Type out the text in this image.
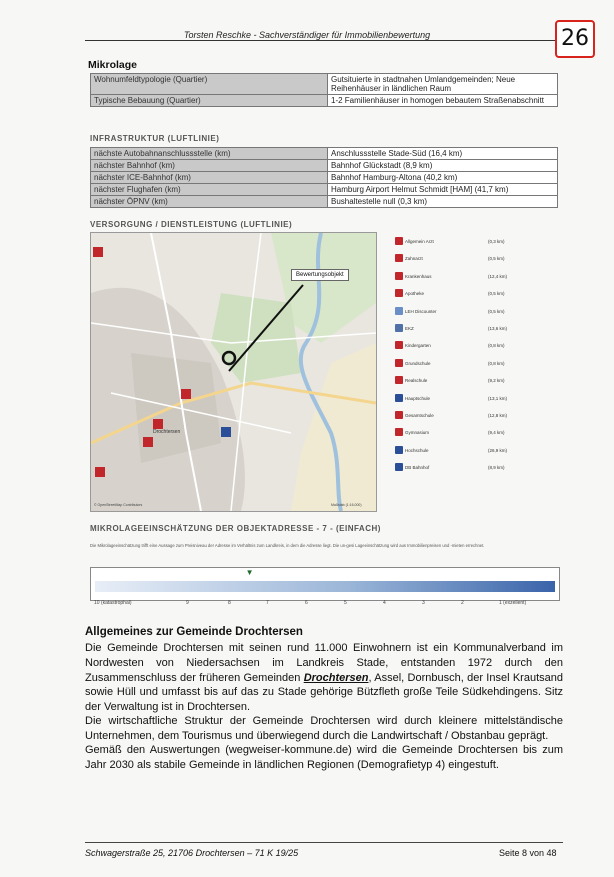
Torsten Reschke - Sachverständiger für Immobilienbewertung	26
Mikrolage
Wohnumfeldtypologie (Quartier)	Gutsituierte in stadtnahen Umlandgemeinden; Neue Reihenhäuser in ländlichen Raum
Typische Bebauung (Quartier)	1-2 Familienhäuser in homogen bebautem Straßenabschnitt
INFRASTRUKTUR (LUFTLINIE)
nächste Autobahnanschlussstelle (km)	Anschlussstelle Stade-Süd (16,4 km)
nächster Bahnhof (km)	Bahnhof Glückstadt (8,9 km)
nächster ICE-Bahnhof (km)	Bahnhof Hamburg-Altona (40,2 km)
nächster Flughafen (km)	Hamburg Airport Helmut Schmidt [HAM] (41,7 km)
nächster ÖPNV (km)	Bushaltestelle null (0,3 km)
VERSORGUNG / DIENSTLEISTUNG (LUFTLINIE)
Bewertungsobjekt
Drochtersen
© OpenStreetMap Contributors	Maßstab (1:16.000)
Allgemein Arzt	(0,3 km)
Zahnarzt	(0,5 km)
Krankenhaus	(12,4 km)
Apotheke	(0,5 km)
LEH Discounter	(0,5 km)
EKZ	(13,6 km)
Kindergarten	(0,8 km)
Grundschule	(0,8 km)
Realschule	(9,2 km)
Hauptschule	(13,1 km)
Gesamtschule	(12,8 km)
Gymnasium	(9,4 km)
Hochschule	(26,9 km)
DB Bahnhof	(8,9 km)
MIKROLAGEEINSCHÄTZUNG DER OBJEKTADRESSE - 7 - (EINFACH)
Die Mikrolageeinschätzung trifft eine Aussage zum Preisniveau der Adresse im Verhältnis zum Landkreis, in dem die Adresse liegt. Die un-gesi Lageeinschätzung wird aus Immobilienpreisen und -mieten errechnet.
▼
10 (katastrophal)	9	8	7	6	5	4	3	2	1 (exzellent)
Allgemeines zur Gemeinde Drochtersen
Die Gemeinde Drochtersen mit seinen rund 11.000 Einwohnern ist ein Kommunalverband im Nordwesten von Niedersachsen im Landkreis Stade, entstanden 1972 durch den Zusammenschluss der früheren Gemeinden Drochtersen, Assel, Dornbusch, der Insel Krautsand sowie Hüll und umfasst bis auf das zu Stade gehörige Bützfleth große Teile Südkehdingens. Sitz der Verwaltung ist in Drochtersen.
Die wirtschaftliche Struktur der Gemeinde Drochtersen wird durch kleinere mittelständische Unternehmen, dem Tourismus und überwiegend durch die Landwirtschaft / Obstanbau geprägt.
Gemäß den Auswertungen (wegweiser-kommune.de) wird die Gemeinde Drochtersen bis zum Jahr 2030 als stabile Gemeinde in ländlichen Regionen (Demografietyp 4) eingestuft.
Schwagerstraße 25, 21706 Drochtersen – 71 K 19/25	Seite 8 von 48
